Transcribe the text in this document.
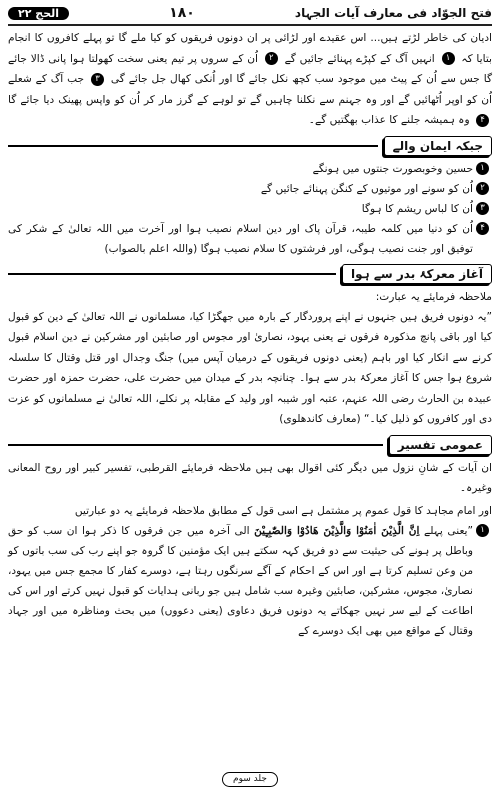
الحج ۲۲	۱۸۰	فتح الجوّاد فی معارف آیات الجہاد

ادیان کی خاطر لڑتے ہیں... اس عقیدے اور لڑائی پر ان دونوں فریقوں کو کیا ملے گا تو پہلے کافروں کا انجام بتایا کہ ۱ انہیں آگ کے کپڑے پہنائے جائیں گے ۲ اُن کے سروں پر تیم یعنی سخت کھولتا ہوا پانی ڈالا جائے گا جس سے اُن کے پیٹ میں موجود سب کچھ نکل جائے گا اور اُنکی کھال جل جائے گی ۳ جب آگ کے شعلے اُن کو اوپر اُٹھائیں گے اور وہ جہنم سے نکلنا چاہیں گے تو لوہے کے گرز مار کر اُن کو واپس پھینک دیا جائے گا ۴ وہ ہمیشہ جلنے کا عذاب بھگتیں گے۔

جبکہ ایمان والے
۱
حسین وخوبصورت جنتوں میں ہونگے
۲
اُن کو سونے اور موتیوں کے کنگن پہنائے جائیں گے
۳
اُن کا لباس ریشم کا ہوگا
۴
اُن کو دنیا میں کلمہ طیبہ، قرآن پاک اور دین اسلام نصیب ہوا اور آخرت میں اللہ تعالیٰ کے شکر کی توفیق اور جنت نصیب ہوگی، اور فرشتوں کا سلام نصیب ہوگا (واللہ اعلم بالصواب)
آغاز معرکۂ بدر سے ہوا
ملاحظہ فرمایئے یہ عبارت:
”یہ دونوں فریق ہیں جنہوں نے اپنے پروردگار کے بارہ میں جھگڑا کیا، مسلمانوں نے اللہ تعالیٰ کے دین کو قبول کیا اور باقی پانچ مذکورہ فرقوں نے یعنی یہود، نصاریٰ اور مجوس اور صابئین اور مشرکین نے دین اسلام قبول کرنے سے انکار کیا اور باہم (یعنی دونوں فریقوں کے درمیان آپس میں) جنگ وجدال اور قتل وقتال کا سلسلہ شروع ہوا جس کا آغاز معرکۂ بدر سے ہوا۔ چنانچہ بدر کے میدان میں حضرت علی، حضرت حمزہ اور حضرت عبیدہ بن الحارث رضی اللہ عنہم، عتبہ اور شیبہ اور ولید کے مقابلہ پر نکلے، اللہ تعالیٰ نے مسلمانوں کو عزت دی اور کافروں کو ذلیل کیا۔“ (معارف کاندھلوی)
عمومی تفسیر
ان آیات کے شانِ نزول میں دیگر کئی اقوال بھی ہیں ملاحظہ فرمایئے القرطبی، تفسیر کبیر اور روح المعانی وغیرہ۔
اور امام مجاہد کا قول عموم پر مشتمل ہے اسی قول کے مطابق ملاحظہ فرمایئے یہ دو عبارتیں
۱
”یعنی پہلے اِنَّ الَّذِيْنَ اٰمَنُوْا وَالَّذِيْنَ هَادُوْا وَالصّٰبِـِٕيْنَ الی آخرہ میں جن فرقوں کا ذکر ہوا ان سب کو حق وباطل پر ہونے کی حیثیت سے دو فریق کہہ سکتے ہیں ایک مؤمنین کا گروہ جو اپنے رب کی سب باتوں کو من وعن تسلیم کرتا ہے اور اس کے احکام کے آگے سرنگوں رہتا ہے، دوسرے کفار کا مجمع جس میں یہود، نصاریٰ، مجوس، مشرکین، صابئین وغیرہ سب شامل ہیں جو ربانی ہدایات کو قبول نہیں کرتے اور اس کی اطاعت کے لیے سر نہیں جھکاتے یہ دونوں فریق دعاوی (یعنی دعووں) میں بحث ومناظرہ میں اور جہاد وقتال کے مواقع میں بھی ایک دوسرے کے
جلد سوم
